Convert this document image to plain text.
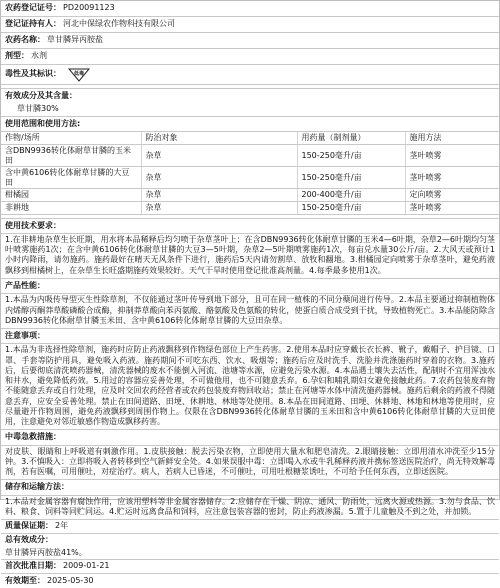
农药登记证号： PD20091123
登记证持有人： 河北中保绿农作物科技有限公司
农药名称： 草甘膦异丙胺盐
剂型： 水剂
毒性及其标识：	低毒
有效成分及其含量：
草甘膦30%
使用范围和使用方法:
作物/场所	防治对象	用药量（制剂量）	施用方法
含DBN9936转化体耐草甘膦的玉米田	杂草	150-250毫升/亩	茎叶喷雾
含中黄6106转化体耐草甘膦的大豆田	杂草	150-250毫升/亩	茎叶喷雾
柑橘园	杂草	200-400毫升/亩	定向喷雾
非耕地	杂草	150-250毫升/亩	茎叶喷雾
使用技术要求：
1.在非耕地杂草生长旺期，用水将本品稀释后均匀喷于杂草茎叶上；在含DBN9936转化体耐草甘膦的玉米4—6叶期，杂草2—6叶期均匀茎叶喷雾施药1次；在含中黄6106转化体耐草甘膦的大豆3—5叶期，杂草2—5叶期喷雾施药1次，每亩兑水量30公斤/亩。2.大风天或预计1小时内降雨，请勿施药。施药最好在晴天无风条件下进行，施药后5天内请勿割草、放牧和翻地。3.柑橘园定向喷雾于杂草茎叶，避免药液飘移到柑橘树上，在杂草生长旺盛期施药效果较好。天气干旱时使用登记批准高剂量。4.每季最多使用1次。
产品性能：
1.本品为内吸传导型灭生性除草剂，不仅能通过茎叶传导到地下部分，且可在同一植株的不同分蘖间进行传导。2.本品主要通过抑制植物体内烯醇丙酮莽草酸磷酸合成酶，抑制莽草酸向苯丙氨酸、酪氨酸及色氨酸的转化，使蛋白质合成受到干扰，导致植物死亡。3.本品能防除含DBN9936转化体耐草甘膦玉米田、含中黄6106转化体耐草甘膦的大豆田杂草。
注意事项：
1.本品为非选择性除草剂，施药时应防止药液飘移到作物绿色部位上产生药害。2.使用本品时应穿戴长衣长裤、靴子，戴帽子、护目镜、口罩、手套等防护用具，避免吸入药液。施药期间不可吃东西、饮水、吸烟等；施药后应及时洗手、洗脸并洗涤施药时穿着的衣物。3.施药后，后要彻底清洗喷药器械，清洗器械的废水不能倒入河流、池塘等水源，应避免污染水源。4.本品遇土壤失去活性，配制时不宜用浑浊水和井水，避免降低药效。5.用过的容器应妥善处理，不可做他用，也不可随意丢弃。6.孕妇和哺乳期妇女避免接触此药。7.农药包装废弃物不能随意丢弃或自行处理，应及时交回农药经营者或农药包装废弃物回收站；禁止在河塘等水体中清洗施药器械。施药后剩余的药液不得随意丢弃，应安全妥善处理。禁止在田间道路、田埂、休耕地、林地等处使用。8.本品在田间道路、田埂、休耕地、林地和林地等使用时，应尽量避开作物周围，避免药液飘移到周围作物上。仅限在含DBN9936转化体耐草甘膦的玉米田和含中黄6106转化体耐草甘膦的大豆田使用，注意避免对邻近敏感作物造成飘移药害。
中毒急救措施：
对皮肤、眼睛和上呼吸道有刺激作用。1.皮肤接触：脱去污染衣物，立即使用大量水和肥皂清洗。2.眼睛接触：立即用清水冲洗至少15分钟。3.不慎吸入：立即将吸入者转移到空气新鲜安全处。4.如果误服中毒：立即喝入水或牛乳稀释药液并携标签送医院治疗，尚无特效解毒剂，若有医嘱，可用催吐，对症治疗。病人，若病人已昏迷，不可催吐，可用吐根糖浆诱吐，不可给予任何东西，立即送医院。
储存和运输方法：
1.本品对金属容器有腐蚀作用，应该用塑料等非金属容器储存。2.应储存在干燥、阴凉、通风、防雨处，远离火源或热源。3.勿与食品、饮料、粮食、饲料等同贮同运。4.贮运时远离食品和饲料，应注意包装容器的密封，防止药液渗漏。5.置于儿童触及不到之处，并加锁。
质量保证期： 2年
总有效成分：
草甘膦异丙胺盐41%。
首次批准日期： 2009-01-21
有效期至： 2025-05-30
